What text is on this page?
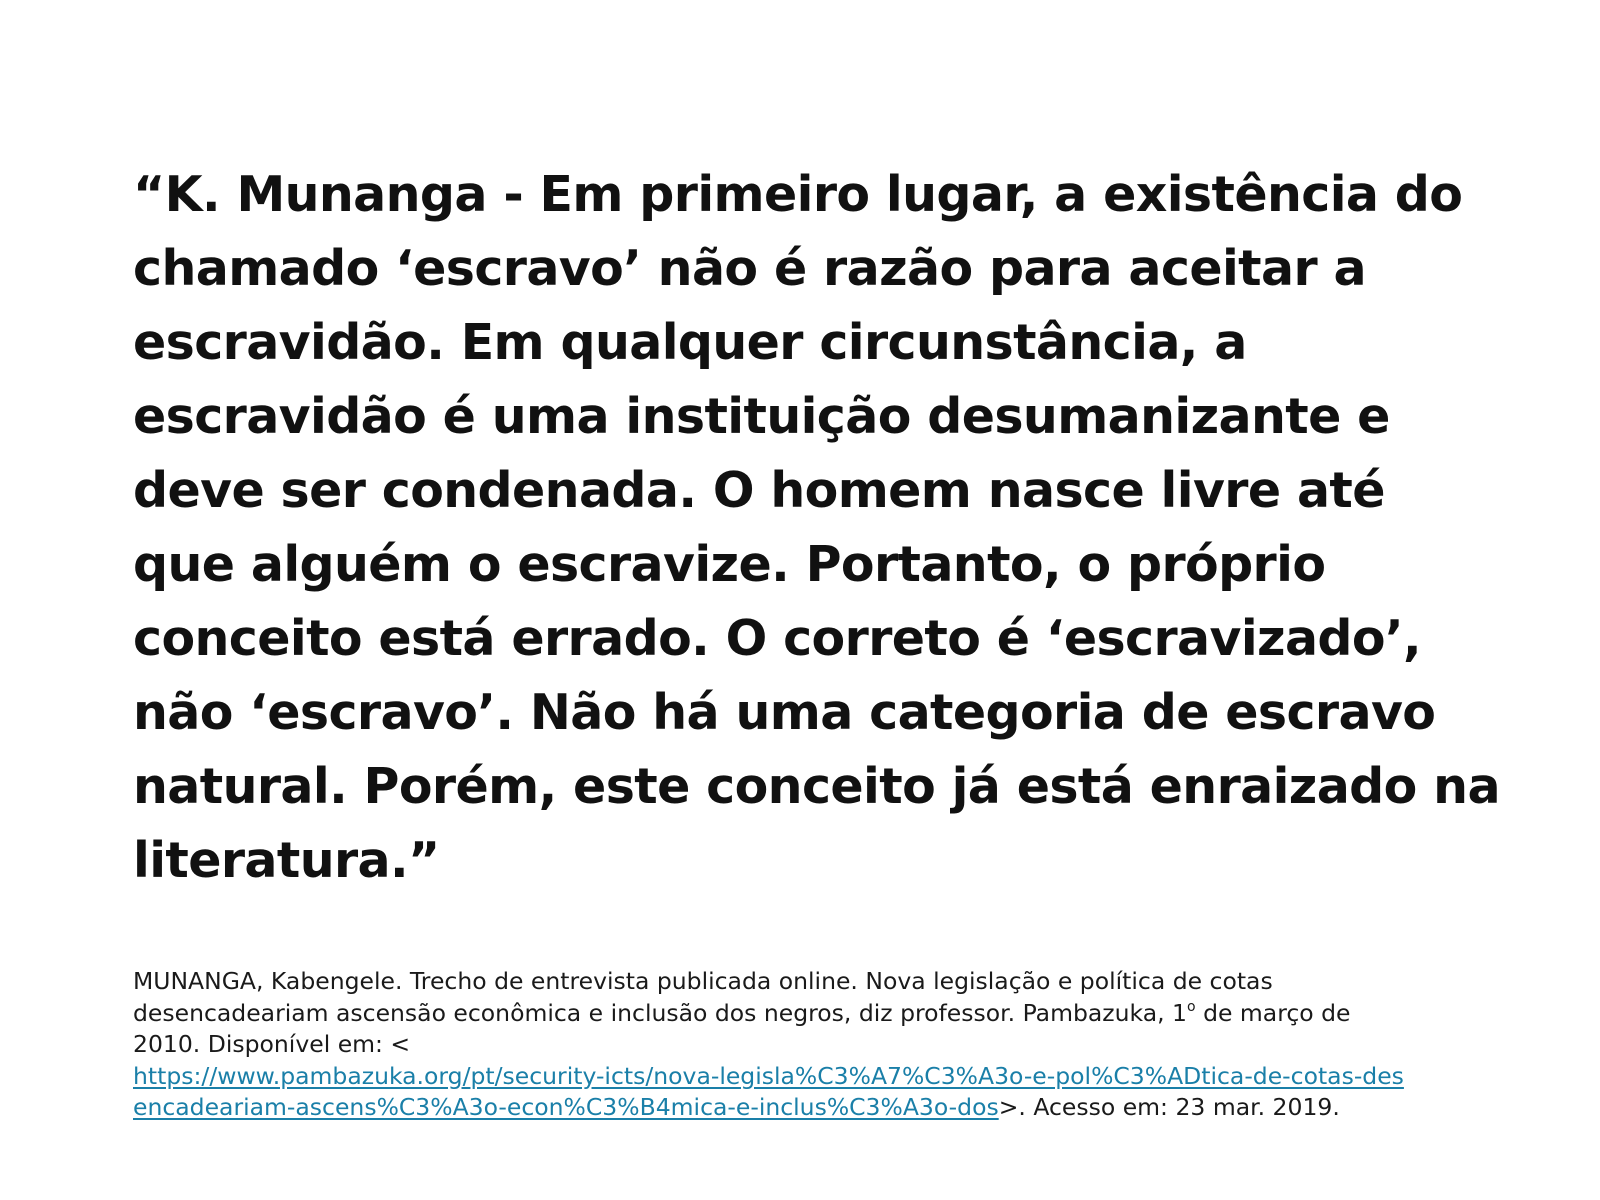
“K. Munanga - Em primeiro lugar, a existência do
chamado ‘escravo’ não é razão para aceitar a
escravidão. Em qualquer circunstância, a
escravidão é uma instituição desumanizante e
deve ser condenada. O homem nasce livre até
que alguém o escravize. Portanto, o próprio
conceito está errado. O correto é ‘escravizado’,
não ‘escravo’. Não há uma categoria de escravo
natural. Porém, este conceito já está enraizado na
literatura.”
MUNANGA, Kabengele. Trecho de entrevista publicada online. Nova legislação e política de cotas
desencadeariam ascensão econômica e inclusão dos negros, diz professor. Pambazuka, 1$^o$ de março de
2010. Disponível em: <
https://www.pambazuka.org/pt/security-icts/nova-legisla%C3%A7%C3%A3o-e-pol%C3%ADtica-de-cotas-des
encadeariam-ascens%C3%A3o-econ%C3%B4mica-e-inclus%C3%A3o-dos>. Acesso em: 23 mar. 2019.
